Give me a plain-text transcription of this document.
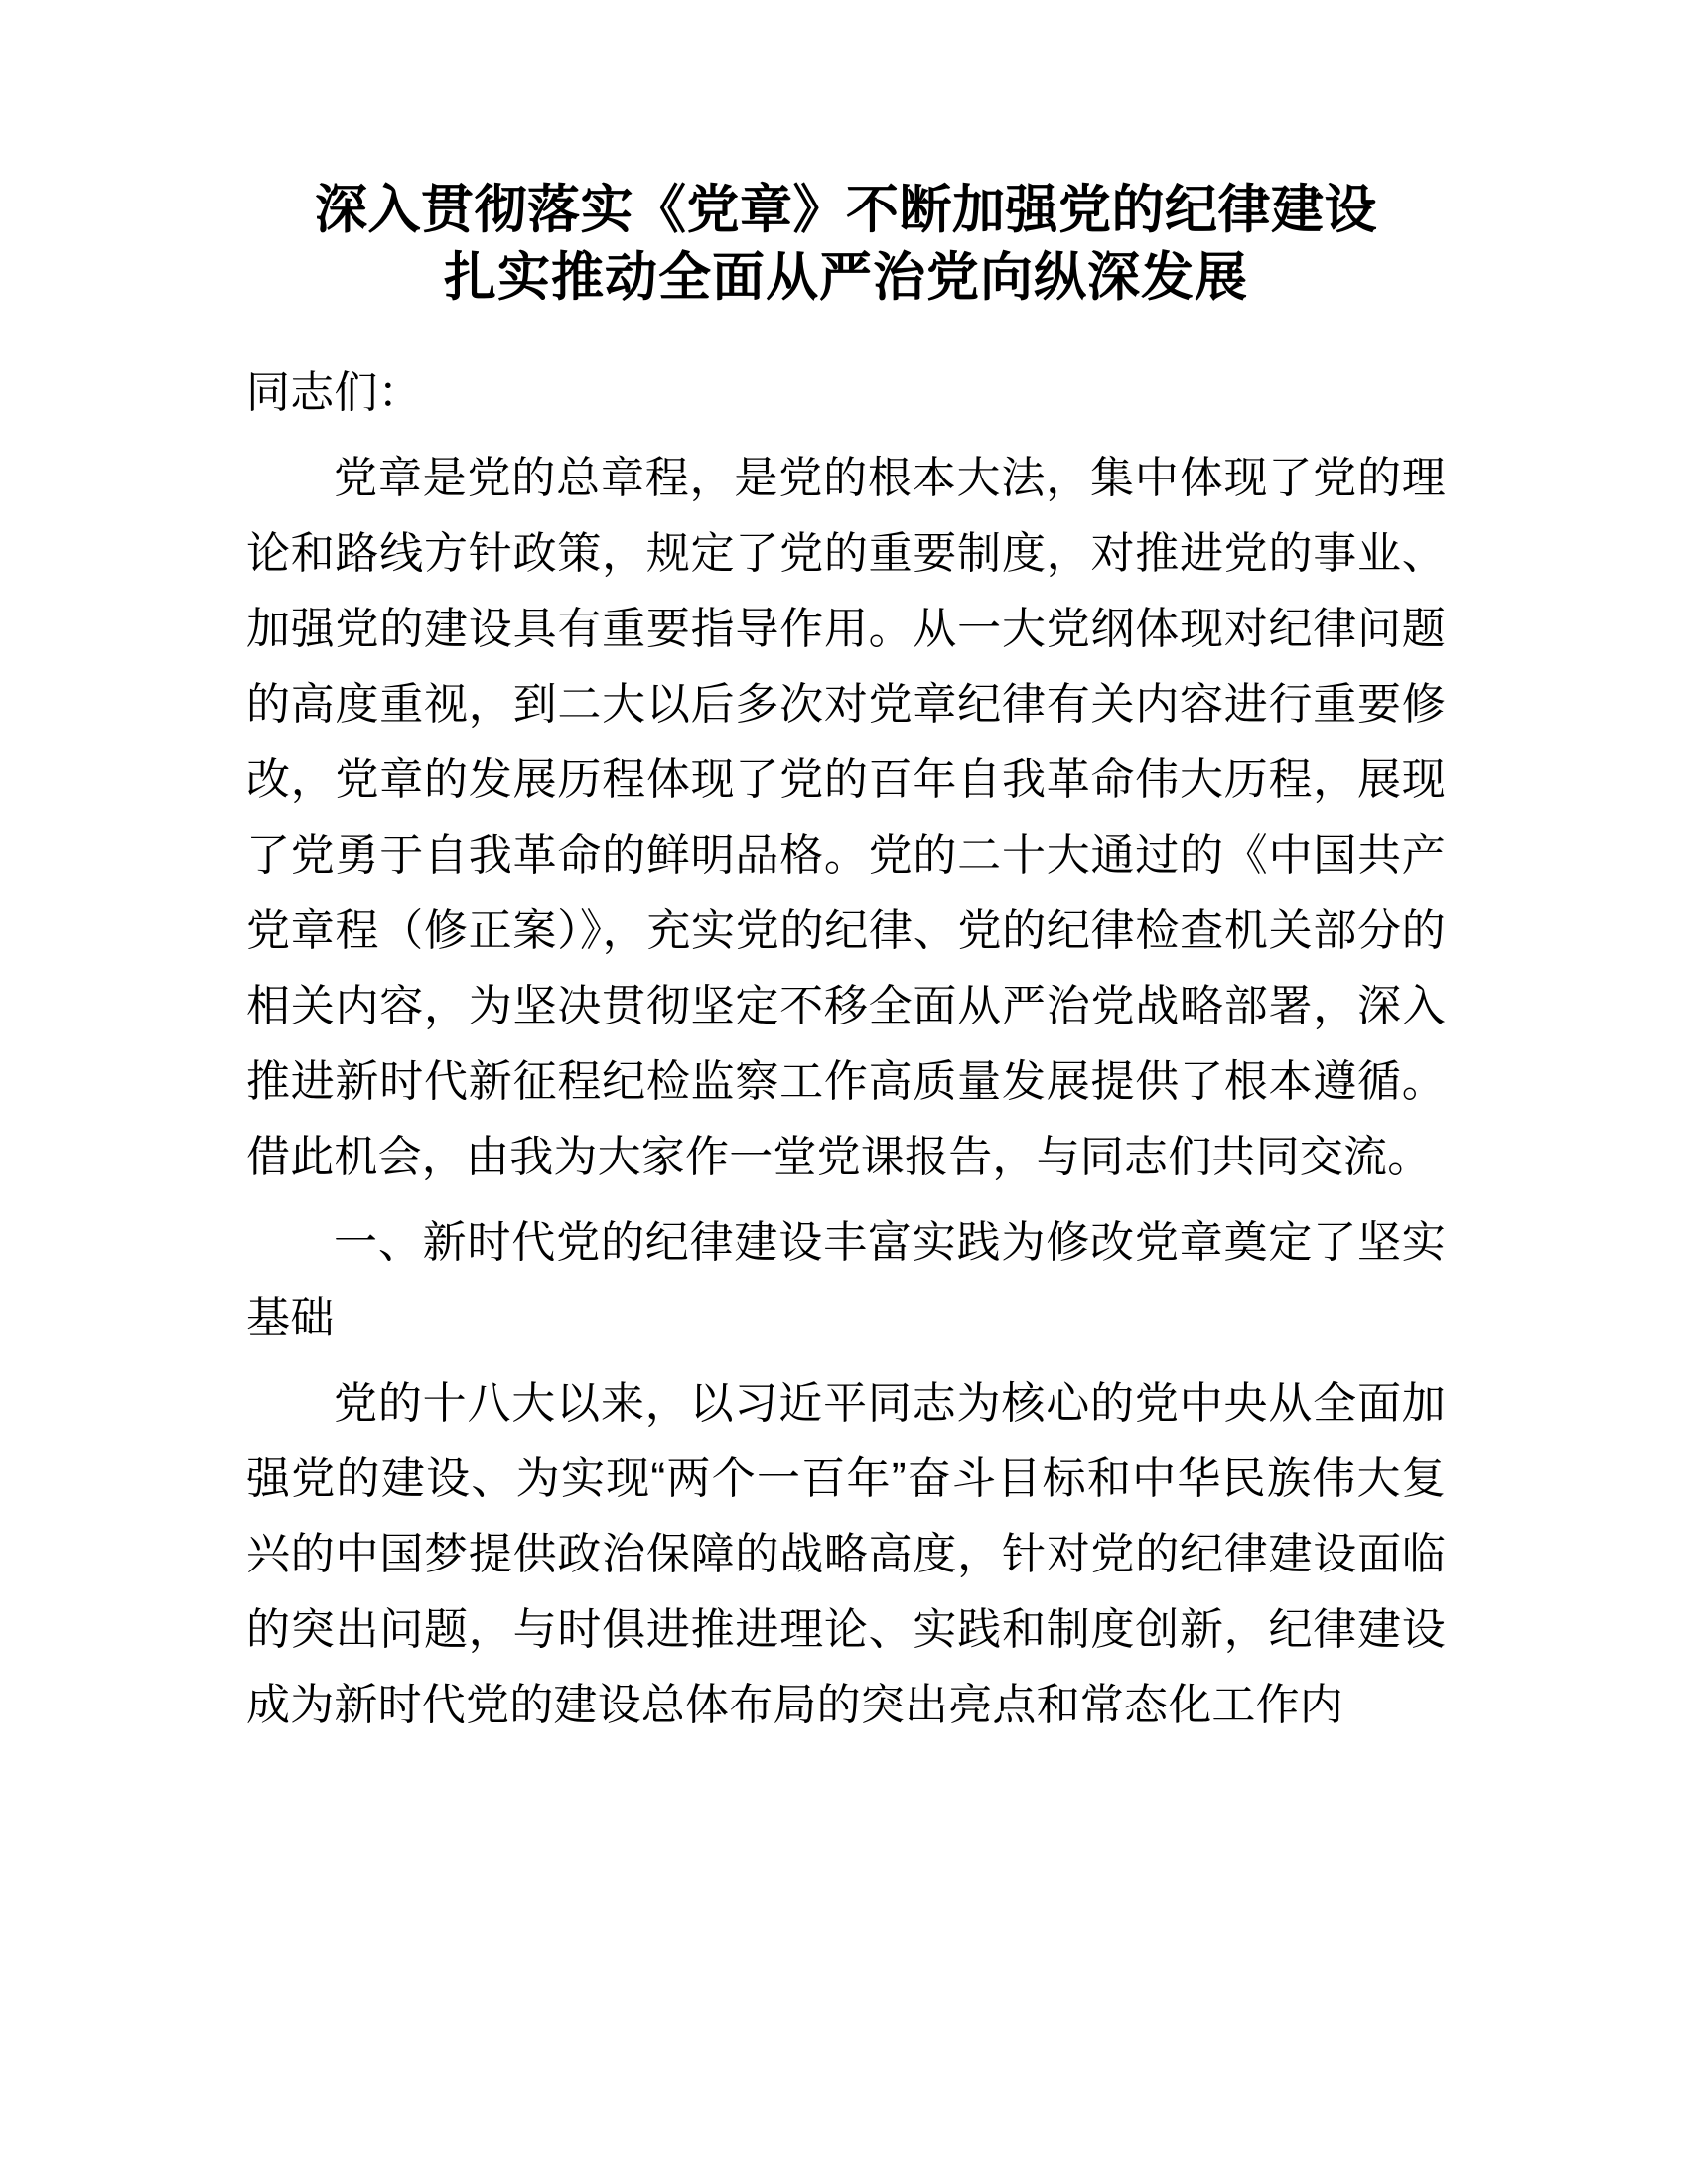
深入贯彻落实《党章》不断加强党的纪律建设
扎实推动全面从严治党向纵深发展

同志们：

党章是党的总章程，是党的根本大法，集中体现了党的理论和路线方针政策，规定了党的重要制度，对推进党的事业、加强党的建设具有重要指导作用。从一大党纲体现对纪律问题的高度重视，到二大以后多次对党章纪律有关内容进行重要修改，党章的发展历程体现了党的百年自我革命伟大历程，展现了党勇于自我革命的鲜明品格。党的二十大通过的《中国共产党章程（修正案）》，充实党的纪律、党的纪律检查机关部分的相关内容，为坚决贯彻坚定不移全面从严治党战略部署，深入推进新时代新征程纪检监察工作高质量发展提供了根本遵循。借此机会，由我为大家作一堂党课报告，与同志们共同交流。

一、新时代党的纪律建设丰富实践为修改党章奠定了坚实基础

党的十八大以来，以习近平同志为核心的党中央从全面加强党的建设、为实现“两个一百年”奋斗目标和中华民族伟大复兴的中国梦提供政治保障的战略高度，针对党的纪律建设面临的突出问题，与时俱进推进理论、实践和制度创新，纪律建设成为新时代党的建设总体布局的突出亮点和常态化工作内
